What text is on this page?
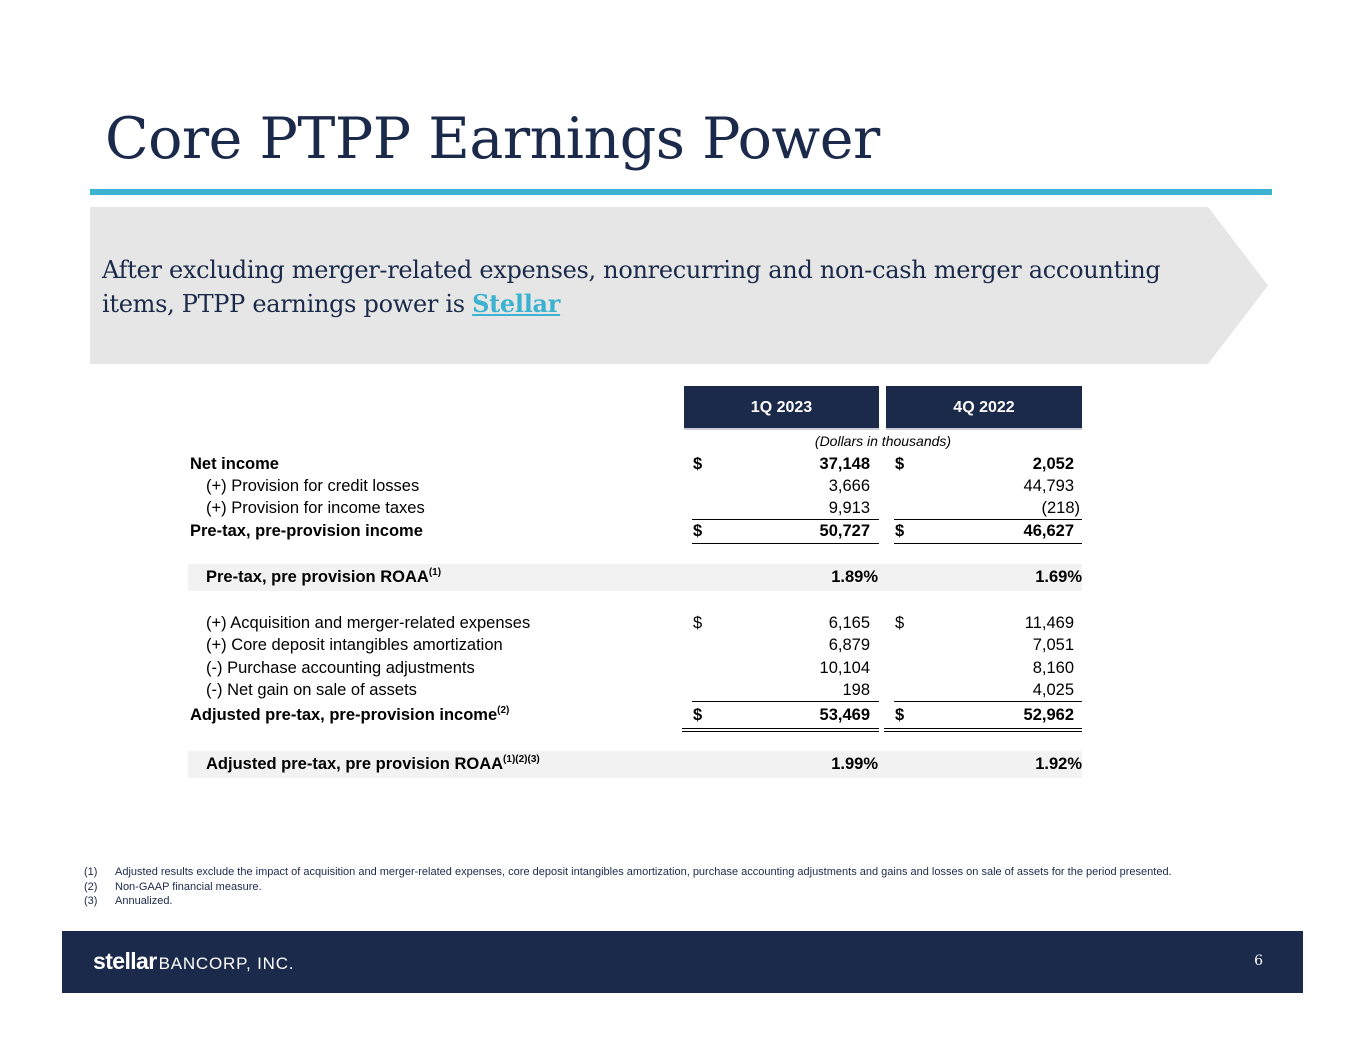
Core PTPP Earnings Power

After excluding merger-related expenses, nonrecurring and non-cash merger accounting items, PTPP earnings power is Stellar

1Q 2023	4Q 2022
(Dollars in thousands)
Net income	$	37,148 $	2,052
(+) Provision for credit losses	3,666	44,793
(+) Provision for income taxes	9,913	(218)
Pre-tax, pre-provision income	$	50,727 $	46,627
Pre-tax, pre provision ROAA$^{(1)}$	1.89%	1.69%
(+) Acquisition and merger-related expenses	$	6,165 $	11,469
(+) Core deposit intangibles amortization	6,879	7,051
(-) Purchase accounting adjustments	10,104	8,160
(-) Net gain on sale of assets	198	4,025
Adjusted pre-tax, pre-provision income$^{(2)}$	$	53,469 $	52,962
Adjusted pre-tax, pre provision $ROAA^{(1)(2)(3)}$	1.99%	1.92%
(1)	Adjusted results exclude the impact of acquisition and merger-related expenses, core deposit intangibles amortization, purchase accounting adjustments and gains and losses on sale of assets for the period presented.
(2)	Non-GAAP financial measure.
(3)	Annualized.
stellar BANCORP, INC.	6
